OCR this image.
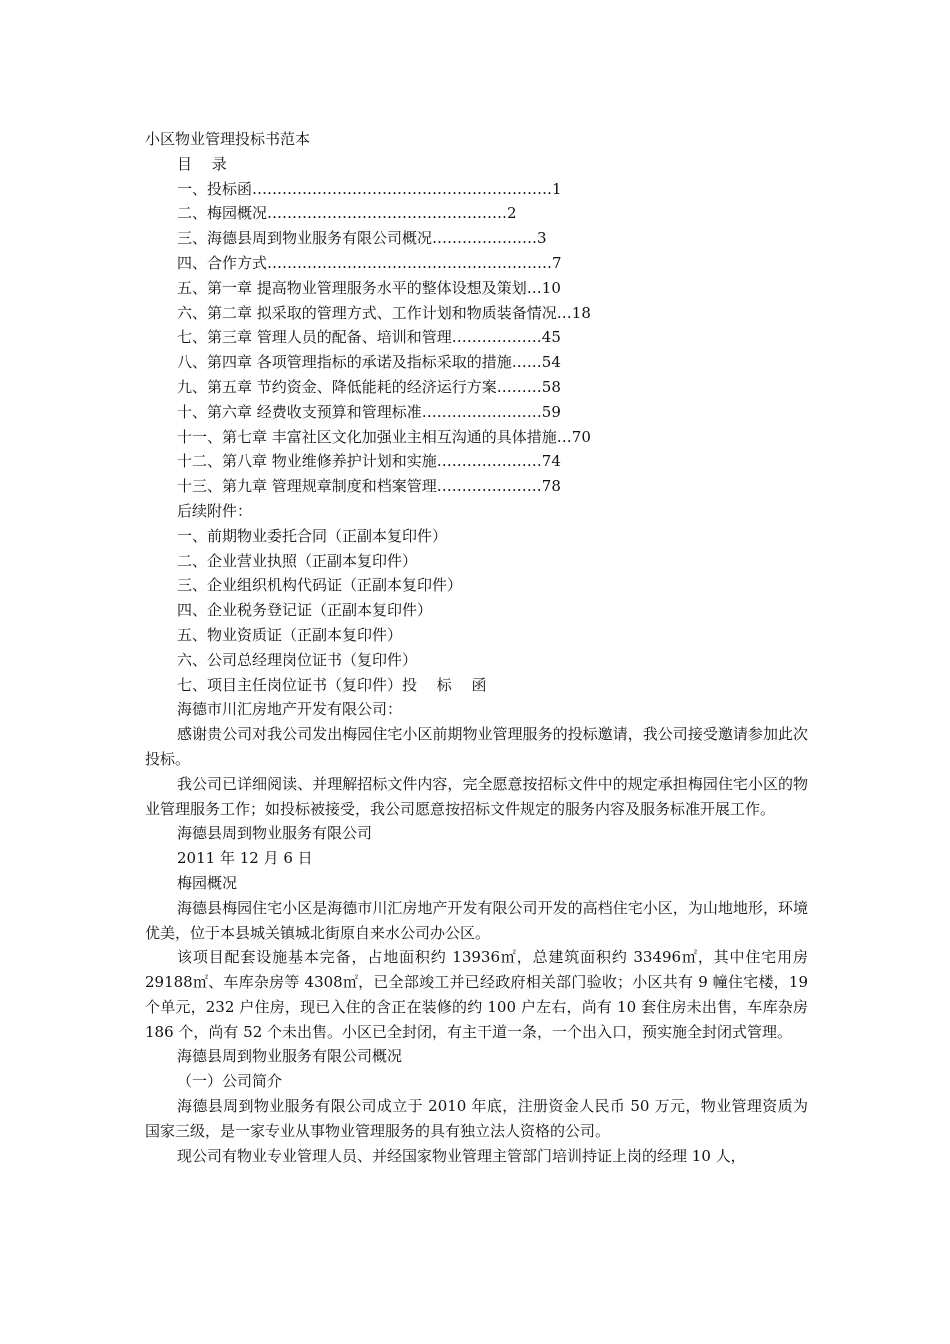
小区物业管理投标书范本

目　 录

一、投标函……………………………………………………1

二、梅园概况…………………………………………2

三、海德县周到物业服务有限公司概况…………………3

四、合作方式…………………………………………………7

五、第一章 提高物业管理服务水平的整体设想及策划…10

六、第二章 拟采取的管理方式、工作计划和物质装备情况…18

七、第三章 管理人员的配备、培训和管理………………45

八、第四章 各项管理指标的承诺及指标采取的措施……54

九、第五章 节约资金、降低能耗的经济运行方案………58

十、第六章 经费收支预算和管理标准……………………59

十一、第七章 丰富社区文化加强业主相互沟通的具体措施…70

十二、第八章 物业维修养护计划和实施…………………74

十三、第九章 管理规章制度和档案管理…………………78

后续附件：

一、前期物业委托合同（正副本复印件）

二、企业营业执照（正副本复印件）

三、企业组织机构代码证（正副本复印件）

四、企业税务登记证（正副本复印件）

五、物业资质证（正副本复印件）

六、公司总经理岗位证书（复印件）

七、项目主任岗位证书（复印件）投　 标　 函

海德市川汇房地产开发有限公司：

感谢贵公司对我公司发出梅园住宅小区前期物业管理服务的投标邀请，我公司接受邀请参加此次投标。

我公司已详细阅读、并理解招标文件内容，完全愿意按招标文件中的规定承担梅园住宅小区的物业管理服务工作；如投标被接受，我公司愿意按招标文件规定的服务内容及服务标准开展工作。

海德县周到物业服务有限公司

2011 年 12 月 6 日

梅园概况

海德县梅园住宅小区是海德市川汇房地产开发有限公司开发的高档住宅小区，为山地地形，环境优美，位于本县城关镇城北街原自来水公司办公区。

该项目配套设施基本完备，占地面积约 13936㎡，总建筑面积约 33496㎡，其中住宅用房 29188㎡、车库杂房等 4308㎡，已全部竣工并已经政府相关部门验收；小区共有 9 幢住宅楼，19 个单元，232 户住房，现已入住的含正在装修的约 100 户左右，尚有 10 套住房未出售，车库杂房 186 个，尚有 52 个未出售。小区已全封闭，有主干道一条，一个出入口，预实施全封闭式管理。

海德县周到物业服务有限公司概况

（一）公司简介

海德县周到物业服务有限公司成立于 2010 年底，注册资金人民币 50 万元，物业管理资质为国家三级，是一家专业从事物业管理服务的具有独立法人资格的公司。

现公司有物业专业管理人员、并经国家物业管理主管部门培训持证上岗的经理 10 人，
